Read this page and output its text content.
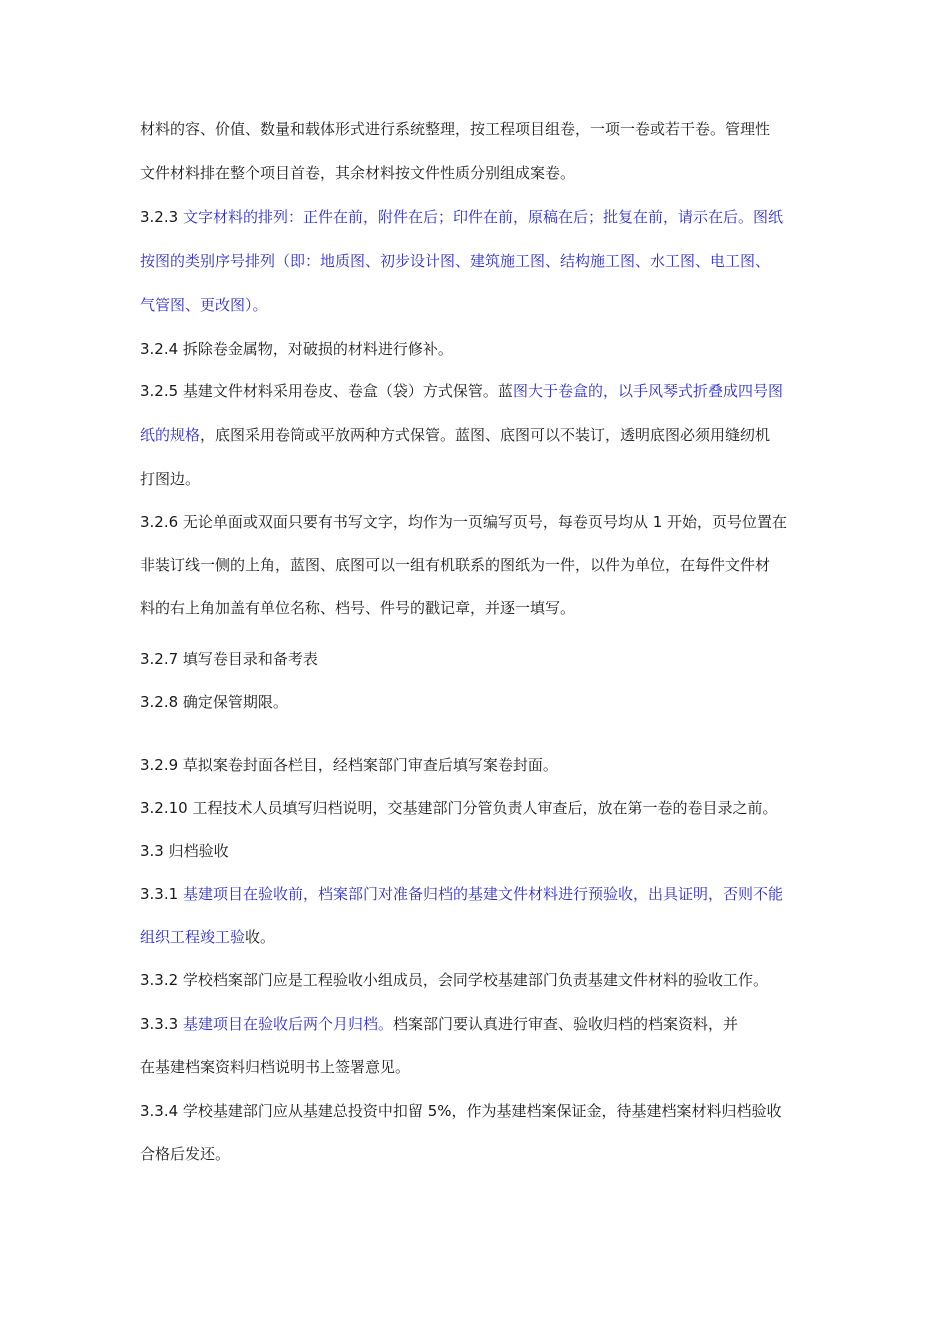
材料的容、价值、数量和载体形式进行系统整理，按工程项目组卷，一项一卷或若干卷。管理性
文件材料排在整个项目首卷，其余材料按文件性质分别组成案卷。
3.2.3 文字材料的排列：正件在前，附件在后；印件在前，原稿在后；批复在前，请示在后。图纸
按图的类别序号排列（即：地质图、初步设计图、建筑施工图、结构施工图、水工图、电工图、
气管图、更改图）。
3.2.4 拆除卷金属物，对破损的材料进行修补。
3.2.5 基建文件材料采用卷皮、卷盒（袋）方式保管。蓝图大于卷盒的，以手风琴式折叠成四号图
纸的规格，底图采用卷筒或平放两种方式保管。蓝图、底图可以不装订，透明底图必须用缝纫机
打图边。
3.2.6 无论单面或双面只要有书写文字，均作为一页编写页号，每卷页号均从 1 开始，页号位置在
非装订线一侧的上角，蓝图、底图可以一组有机联系的图纸为一件，以件为单位，在每件文件材
料的右上角加盖有单位名称、档号、件号的戳记章，并逐一填写。
3.2.7 填写卷目录和备考表
3.2.8 确定保管期限。
3.2.9 草拟案卷封面各栏目，经档案部门审查后填写案卷封面。
3.2.10 工程技术人员填写归档说明，交基建部门分管负责人审查后，放在第一卷的卷目录之前。
3.3 归档验收
3.3.1 基建项目在验收前，档案部门对准备归档的基建文件材料进行预验收，出具证明，否则不能
组织工程竣工验收。
3.3.2 学校档案部门应是工程验收小组成员，会同学校基建部门负责基建文件材料的验收工作。
3.3.3 基建项目在验收后两个月归档。档案部门要认真进行审查、验收归档的档案资料，并
在基建档案资料归档说明书上签署意见。
3.3.4 学校基建部门应从基建总投资中扣留 5%，作为基建档案保证金，待基建档案材料归档验收
合格后发还。
